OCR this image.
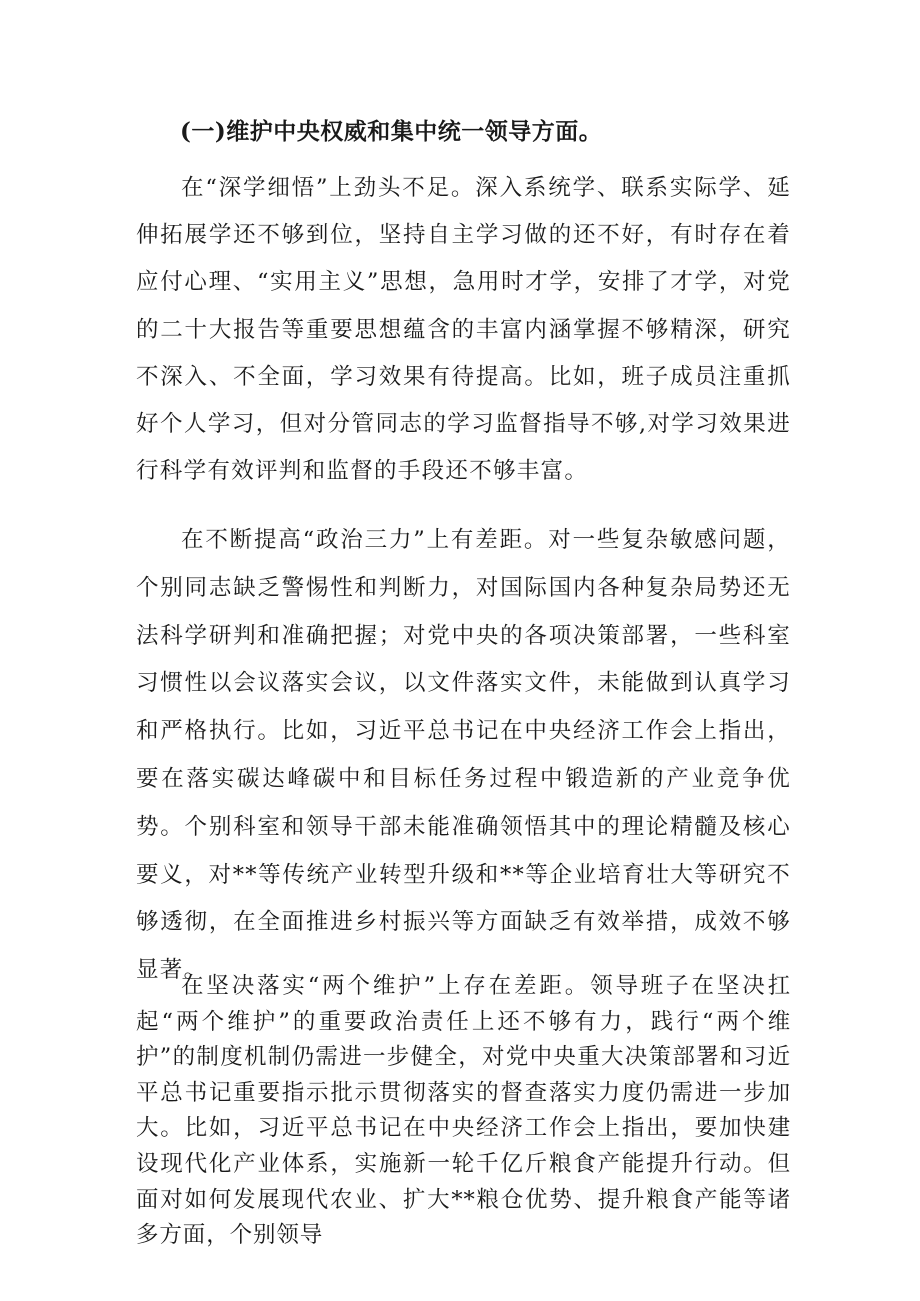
(一)维护中央权威和集中统一领导方面。

在“深学细悟”上劲头不足。深入系统学、联系实际学、延伸拓展学还不够到位，坚持自主学习做的还不好，有时存在着应付心理、“实用主义”思想，急用时才学，安排了才学，对党的二十大报告等重要思想蕴含的丰富内涵掌握不够精深，研究不深入、不全面，学习效果有待提高。比如，班子成员注重抓好个人学习，但对分管同志的学习监督指导不够,对学习效果进行科学有效评判和监督的手段还不够丰富。

在不断提高“政治三力”上有差距。对一些复杂敏感问题，个别同志缺乏警惕性和判断力，对国际国内各种复杂局势还无法科学研判和准确把握；对党中央的各项决策部署，一些科室习惯性以会议落实会议，以文件落实文件，未能做到认真学习和严格执行。比如，习近平总书记在中央经济工作会上指出，要在落实碳达峰碳中和目标任务过程中锻造新的产业竞争优势。个别科室和领导干部未能准确领悟其中的理论精髓及核心要义，对**等传统产业转型升级和**等企业培育壮大等研究不够透彻，在全面推进乡村振兴等方面缺乏有效举措，成效不够显著。

在坚决落实“两个维护”上存在差距。领导班子在坚决扛起“两个维护”的重要政治责任上还不够有力，践行“两个维护”的制度机制仍需进一步健全，对党中央重大决策部署和习近平总书记重要指示批示贯彻落实的督查落实力度仍需进一步加大。比如，习近平总书记在中央经济工作会上指出，要加快建设现代化产业体系，实施新一轮千亿斤粮食产能提升行动。但面对如何发展现代农业、扩大**粮仓优势、提升粮食产能等诸多方面，个别领导
